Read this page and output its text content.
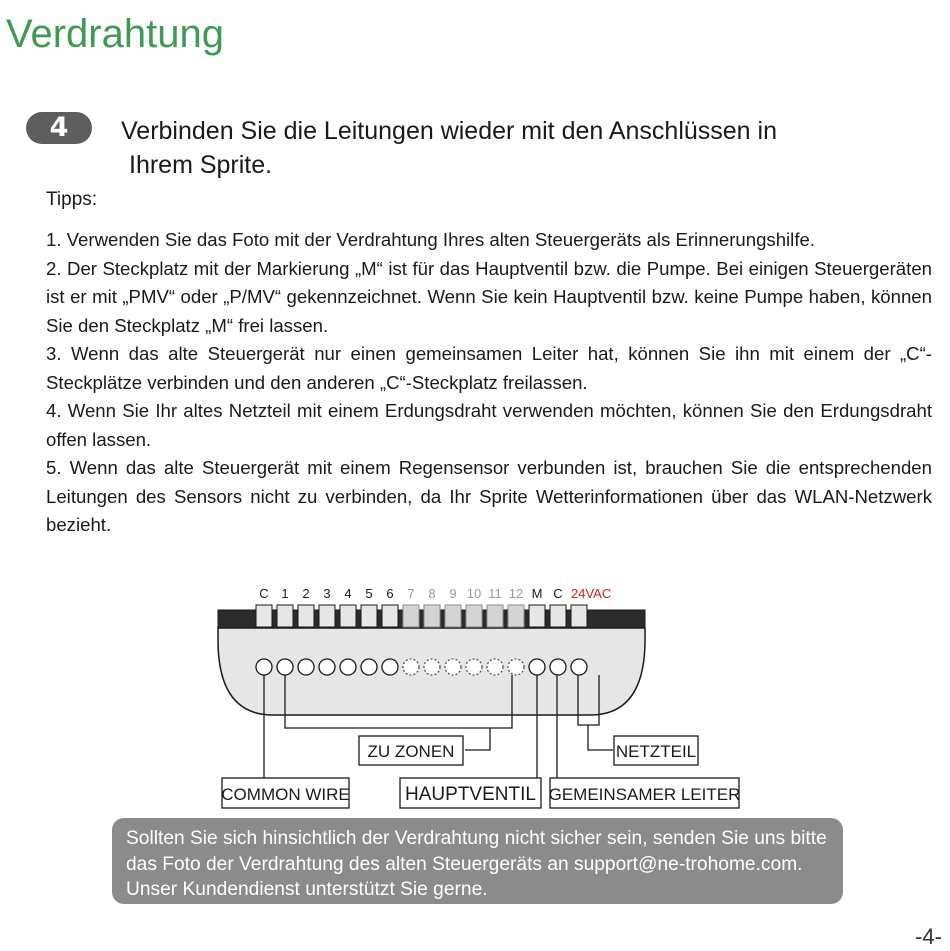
Verdrahtung
4	Verbinden Sie die Leitungen wieder mit den Anschlüssen in
Ihrem Sprite.
Tipps:
1. Verwenden Sie das Foto mit der Verdrahtung Ihres alten Steuergeräts als Erinnerungshilfe.
2. Der Steckplatz mit der Markierung „M“ ist für das Hauptventil bzw. die Pumpe. Bei einigen Steuergeräten ist er mit „PMV“ oder „P/MV“ gekennzeichnet. Wenn Sie kein Hauptventil bzw. keine Pumpe haben, können Sie den Steckplatz „M“ frei lassen.
3. Wenn das alte Steuergerät nur einen gemeinsamen Leiter hat, können Sie ihn mit einem der „C“-Steckplätze verbinden und den anderen „C“-Steckplatz freilassen.
4. Wenn Sie Ihr altes Netzteil mit einem Erdungsdraht verwenden möchten, können Sie den Erdungsdraht offen lassen.
5. Wenn das alte Steuergerät mit einem Regensensor verbunden ist, brauchen Sie die entsprechenden Leitungen des Sensors nicht zu verbinden, da Ihr Sprite Wetterinformationen über das WLAN-Netzwerk bezieht.
C 1 2 3 4 5 6 7 8 9 10 11 12 M C 24VAC
ZU ZONEN	NETZTEIL
COMMON WIRE	HAUPTVENTIL GEMEINSAMER LEITER
Sollten Sie sich hinsichtlich der Verdrahtung nicht sicher sein, senden Sie uns bitte das Foto der Verdrahtung des alten Steuergeräts an support@ne-trohome.com. Unser Kundendienst unterstützt Sie gerne.
-4-
